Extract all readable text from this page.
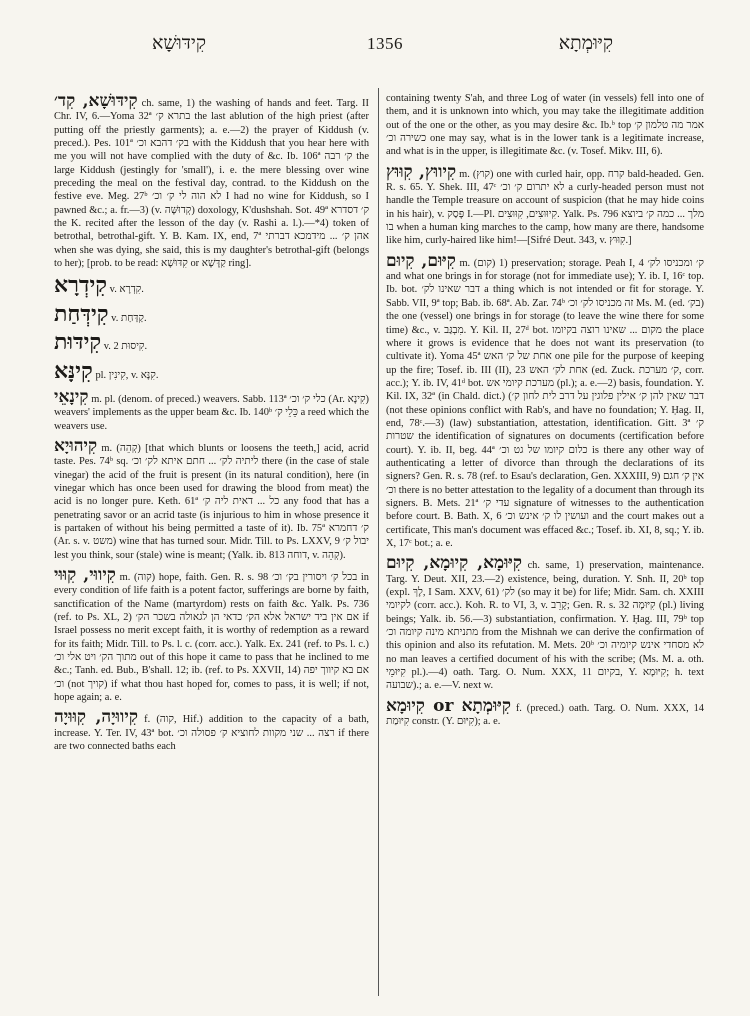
קִידּוּשָׁא	1356	קִיּוּמְתָא

קִידּוּשָׁא, קִד׳ ch. same, 1) the washing of hands and feet. Targ. II Chr. IV, 6.—Yoma 32ª בתרא ק׳ the last ablution of the high priest (after putting off the priestly garments); a. e.—2) the prayer of Kiddush (v. preced.). Pes. 101ª בק׳ דהבא וכ׳ with the Kiddush that you hear here with me you will not have complied with the duty of &c. Ib. 106ª ק׳ רבה the large Kiddush (jestingly for 'small'), i. e. the mere blessing over wine preceding the meal on the festival day, contrad. to the Kiddush on the festive eve. Meg. 27ᵇ לא הוה לי ק׳ וכ׳ I had no wine for Kiddush, so I pawned &c.; a. fr.—3) (v. קְדוּשָּׁה) doxology, K'dushshah. Sot. 49ª ק׳ דסדרא the K. recited after the lesson of the day (v. Rashi a. l.).—*4) token of betrothal, betrothal-gift. Y. B. Kam. IX, end, 7ª אהן ק׳ ... מידמכא דברתי when she was dying, she said, this is my daughter's betrothal-gift (belongs to her); [prob. to be read: קִדּוּשָׁא or קַדָּשָׁא ring].

קִידְרָא v. קִדְרָא.

קִידְּחַת v. קַדַּחַת.

קִידּוּת v. קִיסוּת 2.

קִינָּא pl. קִינִין, v. קִנָּא.

קִינָאֵי m. pl. (denom. of preced.) weavers. Sabb. 113ª כלי ק׳ וכ׳ (Ar. קִינָא) weavers' implements as the upper beam &c. Ib. 140ᵇ כֵּלֵי ק׳ a reed which the weavers use.

קִיהוּיָא m. (קְהֵה) [that which blunts or loosens the teeth,] acid, acrid taste. Pes. 74ᵇ sq. ליתיה לק׳ ... חתם איתא לק׳ וכ׳ there (in the case of stale vinegar) the acid of the fruit is present (in its natural condition), here (in vinegar which has once been used for drawing the blood from meat) the acid is no longer pure. Keth. 61ª כל ... דאית ליה ק׳ any food that has a penetrating savor or an acrid taste (is injurious to him in whose presence it is partaken of without his being permitted a taste of it). Ib. 75ª ק׳ דחמרא (Ar. s. v. משט) wine that has turned sour. Midr. Till. to Ps. LXXV, 9 יבול ק׳ lest you think, sour (stale) wine is meant; (Yalk. ib. 813 דוחה, v. קְהֵה).

קִיווּי, קִוּוּי m. (קוה) hope, faith. Gen. R. s. 98 בכל ק׳ ויסורין בק׳ וכ׳ in every condition of life faith is a potent factor, sufferings are borne by faith, sanctification of the Name (martyrdom) rests on faith &c. Yalk. Ps. 736 (ref. to Ps. XL, 2) אם אין ביד ישראל אלא הק׳ כדאי הן לגאולה בשכר הק׳ if Israel possess no merit except faith, it is worthy of redemption as a reward for its faith; Midr. Till. to Ps. l. c. (corr. acc.). Yalk. Ex. 241 (ref. to Ps. l. c.) מתוך הק׳ ויט אלי וכ׳ out of this hope it came to pass that he inclined to me &c.; Tanh. ed. Bub., B'shall. 12; ib. (ref. to Ps. XXVII, 14) אם בא קיווך יפה וכ׳ (not קויך) if what thou hast hoped for, comes to pass, it is well; if not, hope again; a. e.

קִיווּיָה, קִוּוּיָה f. (קוה, Hif.) addition to the capacity of a bath, increase. Y. Ter. IV, 43ª bot. רצה ... שני מקוות לחוציא ק׳ פסולה וכ׳ if there are two connected baths each

containing twenty S'ah, and three Log of water (in vessels) fell into one of them, and it is unknown into which, you may take the illegitimate addition out of the one or the other, as you may desire &c. Ib.ᵇ top אמר מה טלמון ק׳ כשירה וכ׳ one may say, what is in the lower tank is a legitimate increase, and what is in the upper, is illegitimate &c. (v. Tosef. Mikv. III, 6).

קִיווּץ, קִוּוּץ m. (קוץ) one with curled hair, opp. קרח bald-headed. Gen. R. s. 65. Y. Shek. III, 47ᶜ לא יתרום ק׳ וכ׳ a curly-headed person must not handle the Temple treasure on account of suspicion (that he may hide coins in his hair), v. פָּסַק I.—Pl. קִיוּוּצִים, קִוּוּצִים. Yalk. Ps. 796 מלך ... כמה ק׳ ביוצא בו when a human king marches to the camp, how many are there, handsome like him, curly-haired like him!—[Sifré Deut. 343, v. קִוּוּץ.]

קִיּוּם, קִיוּם m. (קום) 1) preservation; storage. Peah I, 4 ק׳ ומכניסו לק׳ and what one brings in for storage (not for immediate use); Y. ib. I, 16ᶜ top. Ib. bot. דבר שאינו לק׳ a thing which is not intended or fit for storage. Y. Sabb. VII, 9ª top; Bab. ib. 68ª. Ab. Zar. 74ᵇ זה מכניסו לק׳ וכ׳ Ms. M. (ed. בק׳) the one (vessel) one brings in for storage (to leave the wine there for some time) &c., v. מִבְגַּב. Y. Kil. II, 27ᵈ bot. מקום ... שאינו רוצה בקיומו the place where it grows is evidence that he does not want its preservation (to cultivate it). Yoma 45ª אחת של ק׳ האש one pile for the purpose of keeping up the fire; Tosef. ib. III (II), 23 אחת לק׳ האש (ed. Zuck. ק׳ מערכת, corr. acc.); Y. ib. IV, 41ᵈ bot. מערכת קיומי אש (pl.); a. e.—2) basis, foundation. Y. Kil. IX, 32ª (in Chald. dict.) (דבר שאין להן ק׳ אילין פלוגין על דרב לית לחון ק׳ (not these opinions conflict with Rab's, and have no foundation; Y. Ḥag. II, end, 78ᶜ.—3) (law) substantiation, attestation, identification. Gitt. 3ª ק׳ שטרות the identification of signatures on documents (certification before court). Y. ib. II, beg. 44ª כלום קיומו של גט וכ׳ is there any other way of authenticating a letter of divorce than through the declarations of its signers? Gen. R. s. 78 (ref. to Esau's declaration, Gen. XXXIII, 9) אין ק׳ חגם וכ׳ there is no better attestation to the legality of a document than through its signers. B. Mets. 21ª עדי ק׳ signature of witnesses to the authentication before court. B. Bath. X, 6 ועושין לו ק׳ אינש וכ׳ and the court makes out a certificate, This man's document was effaced &c.; Tosef. ib. XI, 8, sq.; Y. ib. X, 17ᶜ bot.; a. e.

קִיּוּמָא, קִיוּמָא, קִיוּם ch. same, 1) preservation, maintenance. Targ. Y. Deut. XII, 23.—2) existence, being, duration. Y. Snh. II, 20ᵇ top (expl. לָךְ, I Sam. XXV, 61) לק׳ (so may it be) for life; Midr. Sam. ch. XXIII לקיומי (corr. acc.). Koh. R. to VI, 3, v. קָרֵב; Gen. R. s. 32 קִיּוּמָה (pl.) living beings; Yalk. ib. 56.—3) substantiation, confirmation. Y. Ḥag. III, 79ᵇ top מתניתא מינה קיומה וכ׳ from the Mishnah we can derive the confirmation of this opinion and also its refutation. M. Mets. 20ᵇ לא מסחדי אינש קיומיה וכ׳ no man leaves a certified document of his with the scribe; (Ms. M. a. oth. קִיּוּמֵי pl.).—4) oath. Targ. O. Num. XXX, 11 בקיום, Y. קִיּוּמָא; h. text שבועה).; a. e.—V. next w.

קִיּוּמְתָא or קִיוּמָא f. (preced.) oath. Targ. O. Num. XXX, 14 קִיּוּמַת constr. (Y. קִיּוּם); a. e.
